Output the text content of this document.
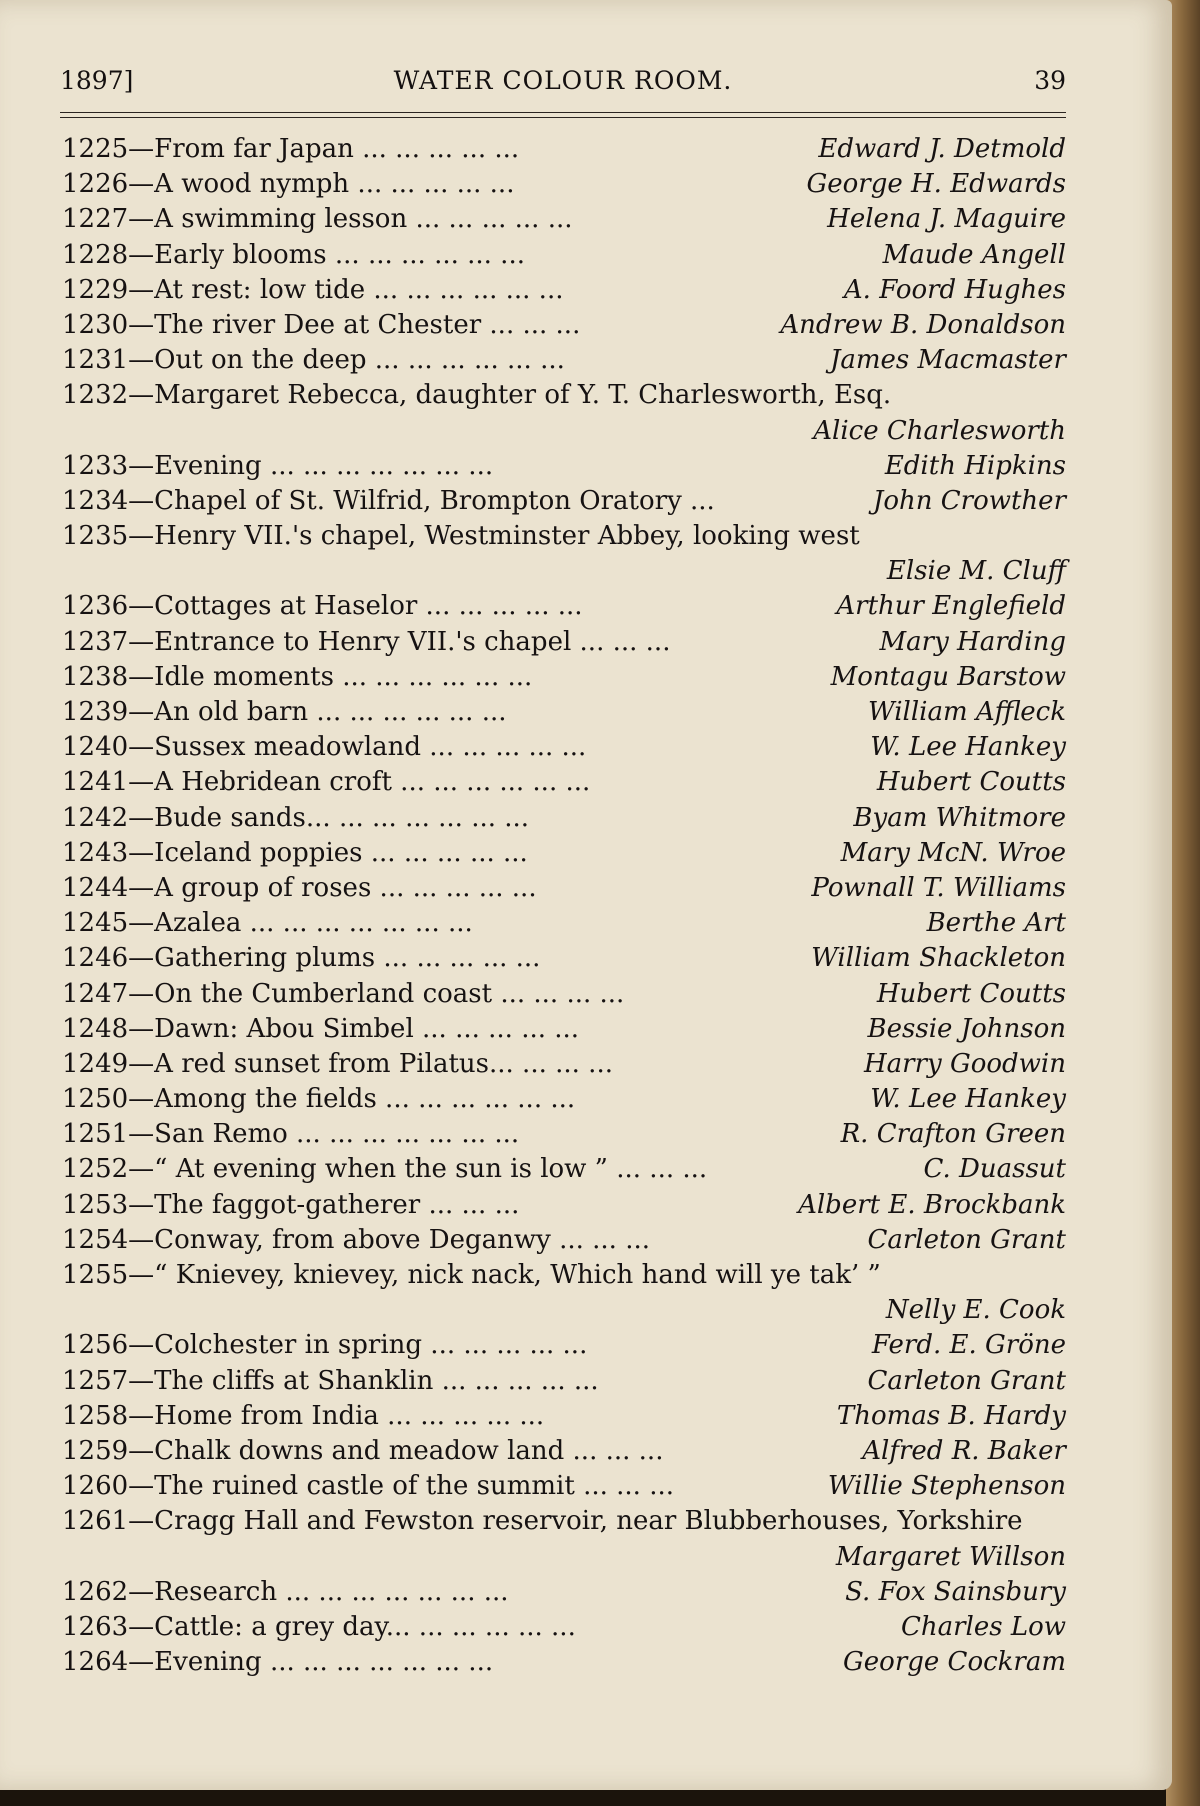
1897]	WATER COLOUR ROOM.	39
1225—From far Japan ... ... ... ... ...	Edward J. Detmold
1226—A wood nymph ... ... ... ... ...	George H. Edwards
1227—A swimming lesson ... ... ... ... ...	Helena J. Maguire
1228—Early blooms ... ... ... ... ... ...	Maude Angell
1229—At rest: low tide ... ... ... ... ... ...	A. Foord Hughes
1230—The river Dee at Chester ... ... ...	Andrew B. Donaldson
1231—Out on the deep ... ... ... ... ... ...	James Macmaster
1232—Margaret Rebecca, daughter of Y. T. Charlesworth, Esq.
Alice Charlesworth
1233—Evening ... ... ... ... ... ... ...	Edith Hipkins
1234—Chapel of St. Wilfrid, Brompton Oratory ...	John Crowther
1235—Henry VII.'s chapel, Westminster Abbey, looking west
Elsie M. Cluff
1236—Cottages at Haselor ... ... ... ... ...	Arthur Englefield
1237—Entrance to Henry VII.'s chapel ... ... ...	Mary Harding
1238—Idle moments ... ... ... ... ... ...	Montagu Barstow
1239—An old barn ... ... ... ... ... ...	William Affleck
1240—Sussex meadowland ... ... ... ... ...	W. Lee Hankey
1241—A Hebridean croft ... ... ... ... ... ...	Hubert Coutts
1242—Bude sands... ... ... ... ... ... ...	Byam Whitmore
1243—Iceland poppies ... ... ... ... ...	Mary McN. Wroe
1244—A group of roses ... ... ... ... ...	Pownall T. Williams
1245—Azalea ... ... ... ... ... ... ...	Berthe Art
1246—Gathering plums ... ... ... ... ...	William Shackleton
1247—On the Cumberland coast ... ... ... ...	Hubert Coutts
1248—Dawn: Abou Simbel ... ... ... ... ...	Bessie Johnson
1249—A red sunset from Pilatus... ... ... ...	Harry Goodwin
1250—Among the fields ... ... ... ... ... ...	W. Lee Hankey
1251—San Remo ... ... ... ... ... ... ...	R. Crafton Green
1252—“ At evening when the sun is low ” ... ... ...	C. Duassut
1253—The faggot-gatherer ... ... ...	Albert E. Brockbank
1254—Conway, from above Deganwy ... ... ...	Carleton Grant
1255—“ Knievey, knievey, nick nack, Which hand will ye tak’ ”
Nelly E. Cook
1256—Colchester in spring ... ... ... ... ...	Ferd. E. Gröne
1257—The cliffs at Shanklin ... ... ... ... ...	Carleton Grant
1258—Home from India ... ... ... ... ...	Thomas B. Hardy
1259—Chalk downs and meadow land ... ... ...	Alfred R. Baker
1260—The ruined castle of the summit ... ... ...	Willie Stephenson
1261—Cragg Hall and Fewston reservoir, near Blubberhouses, Yorkshire
Margaret Willson
1262—Research ... ... ... ... ... ... ...	S. Fox Sainsbury
1263—Cattle: a grey day... ... ... ... ... ...	Charles Low
1264—Evening ... ... ... ... ... ... ...	George Cockram
